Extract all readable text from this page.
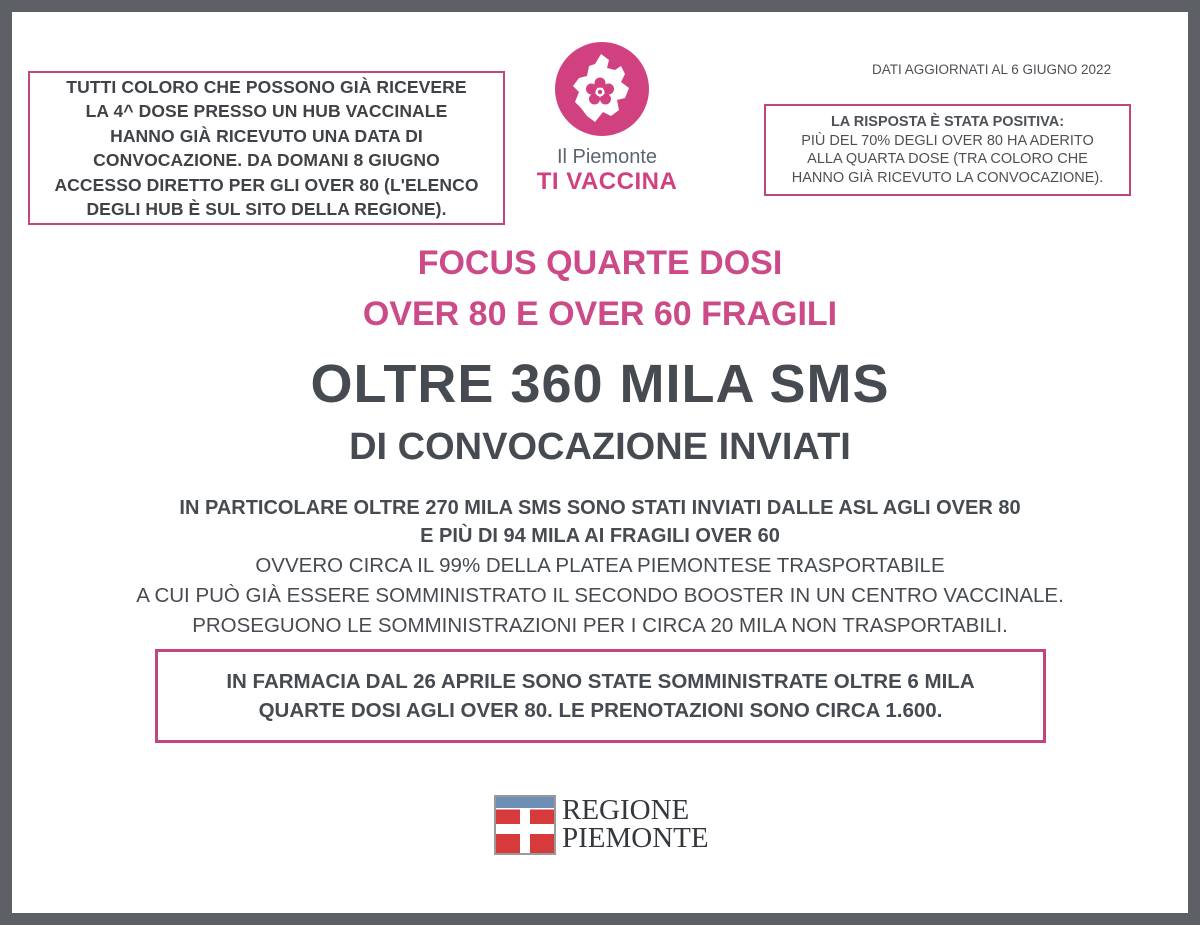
TUTTI COLORO CHE POSSONO GIÀ RICEVERE
LA 4^ DOSE PRESSO UN HUB VACCINALE
HANNO GIÀ RICEVUTO UNA DATA DI
CONVOCAZIONE. DA DOMANI 8 GIUGNO
ACCESSO DIRETTO PER GLI OVER 80 (L'ELENCO
DEGLI HUB È SUL SITO DELLA REGIONE).
Il Piemonte
TI VACCINA
DATI AGGIORNATI AL 6 GIUGNO 2022
LA RISPOSTA È STATA POSITIVA:
PIÙ DEL 70% DEGLI OVER 80 HA ADERITO
ALLA QUARTA DOSE (TRA COLORO CHE
HANNO GIÀ RICEVUTO LA CONVOCAZIONE).
FOCUS QUARTE DOSI
OVER 80 E OVER 60 FRAGILI
OLTRE 360 MILA SMS
DI CONVOCAZIONE INVIATI
IN PARTICOLARE OLTRE 270 MILA SMS SONO STATI INVIATI DALLE ASL AGLI OVER 80
E PIÙ DI 94 MILA AI FRAGILI OVER 60
OVVERO CIRCA IL 99% DELLA PLATEA PIEMONTESE TRASPORTABILE
A CUI PUÒ GIÀ ESSERE SOMMINISTRATO IL SECONDO BOOSTER IN UN CENTRO VACCINALE.
PROSEGUONO LE SOMMINISTRAZIONI PER I CIRCA 20 MILA NON TRASPORTABILI.
IN FARMACIA DAL 26 APRILE SONO STATE SOMMINISTRATE OLTRE 6 MILA
QUARTE DOSI AGLI OVER 80. LE PRENOTAZIONI SONO CIRCA 1.600.
REGIONE
PIEMONTE
